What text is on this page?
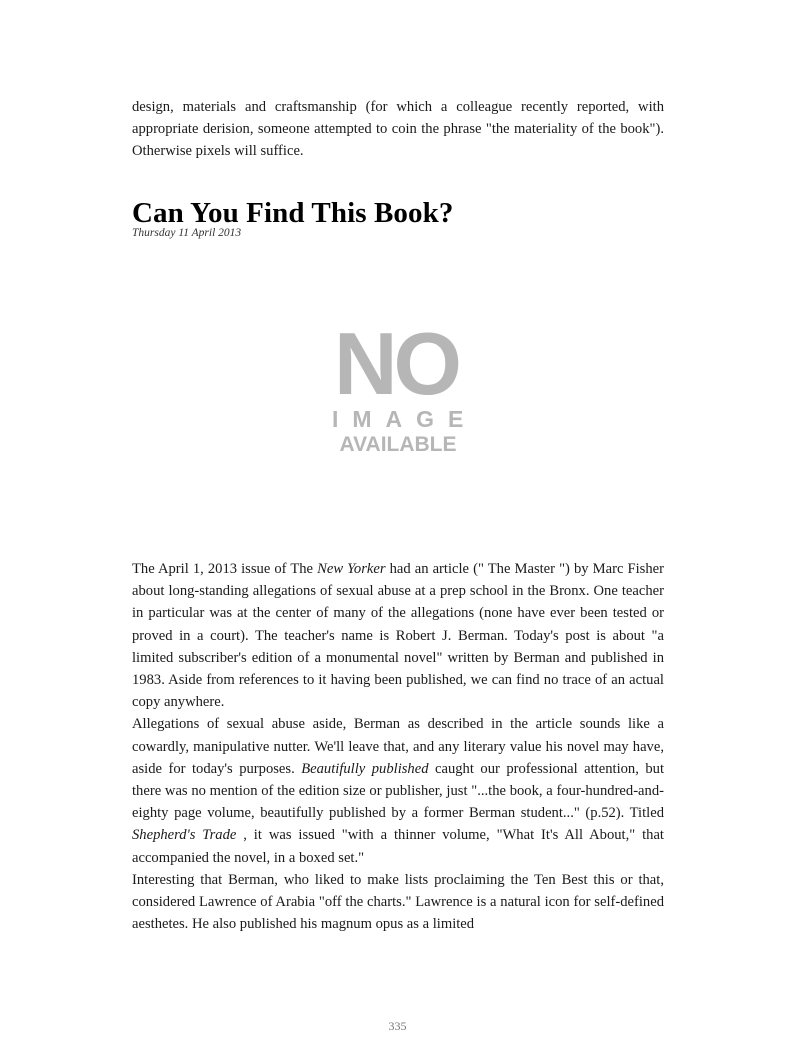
design, materials and craftsmanship (for which a colleague recently reported, with appropriate derision, someone attempted to coin the phrase "the materiality of the book"). Otherwise pixels will suffice.

Can You Find This Book?
Thursday 11 April 2013
NO
IMAGE
AVAILABLE

The April 1, 2013 issue of The New Yorker had an article (" The Master ") by Marc Fisher about long-standing allegations of sexual abuse at a prep school in the Bronx. One teacher in particular was at the center of many of the allegations (none have ever been tested or proved in a court). The teacher's name is Robert J. Berman. Today's post is about "a limited subscriber's edition of a monumental novel" written by Berman and published in 1983. Aside from references to it having been published, we can find no trace of an actual copy anywhere.

Allegations of sexual abuse aside, Berman as described in the article sounds like a cowardly, manipulative nutter. We'll leave that, and any literary value his novel may have, aside for today's purposes. Beautifully published caught our professional attention, but there was no mention of the edition size or publisher, just "...the book, a four-hundred-and-eighty page volume, beautifully published by a former Berman student..." (p.52). Titled Shepherd's Trade , it was issued "with a thinner volume, "What It's All About," that accompanied the novel, in a boxed set."

Interesting that Berman, who liked to make lists proclaiming the Ten Best this or that, considered Lawrence of Arabia "off the charts." Lawrence is a natural icon for self-defined aesthetes. He also published his magnum opus as a limited

335
